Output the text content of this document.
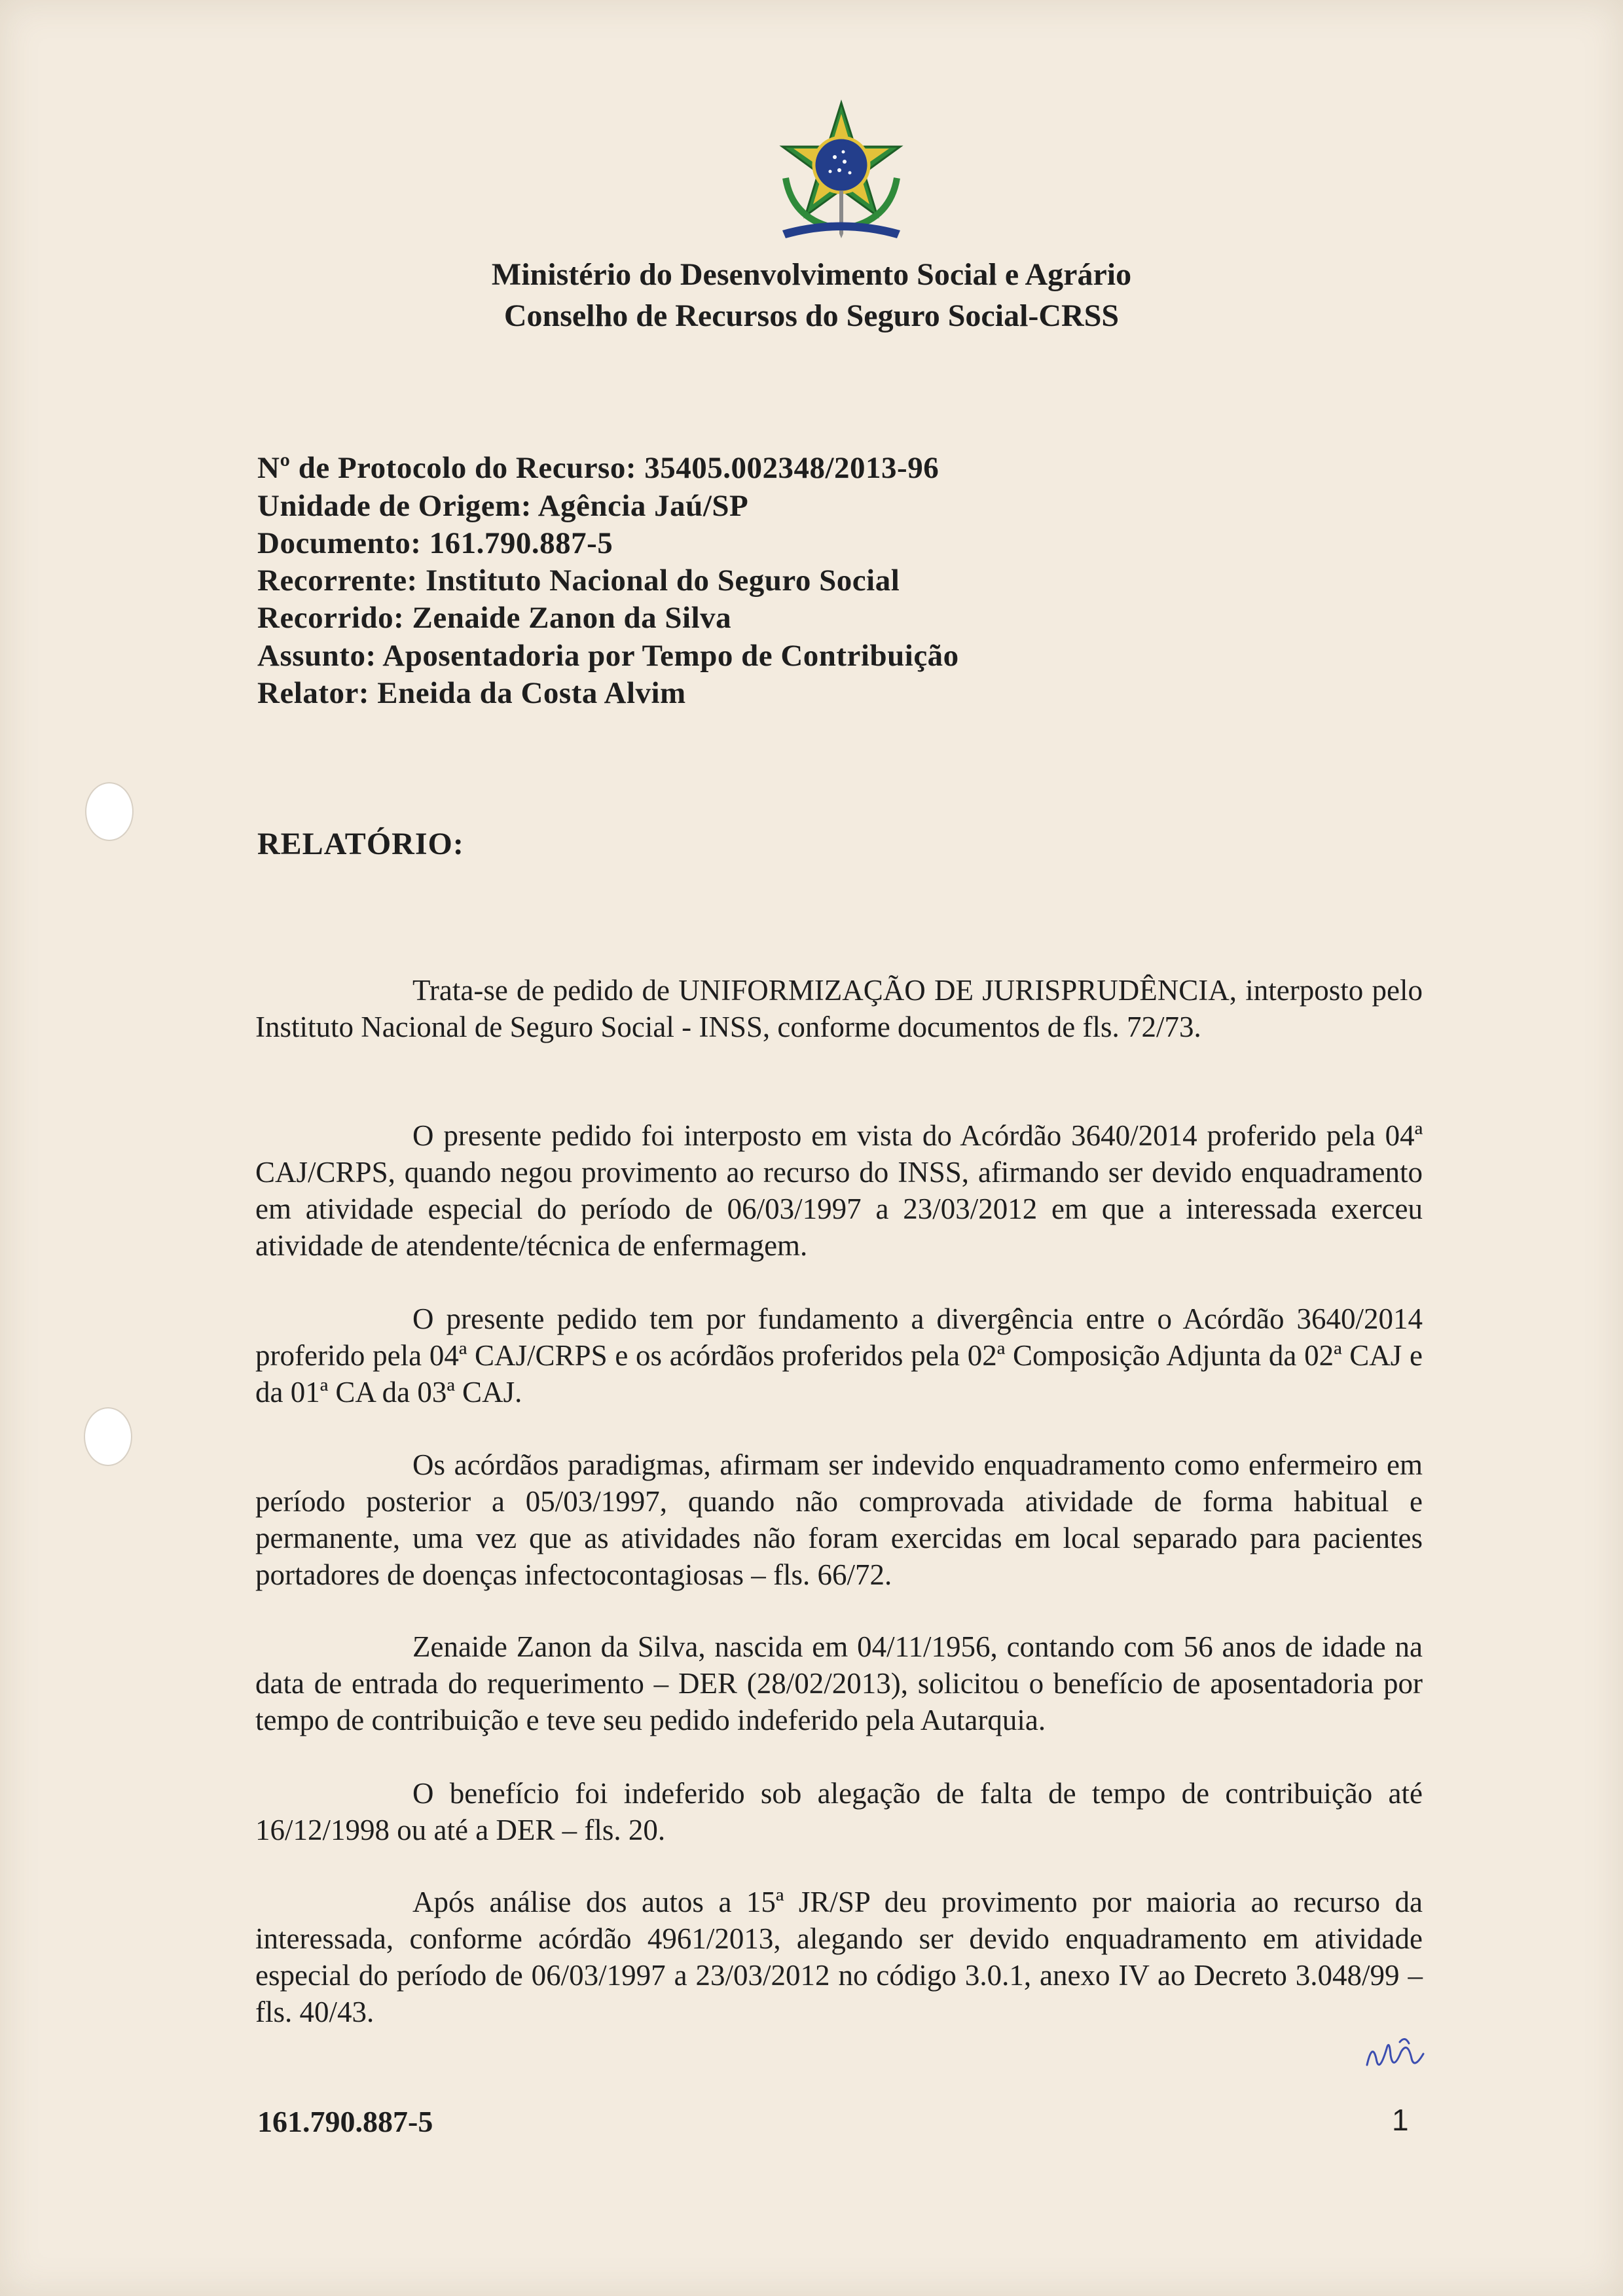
Ministério do Desenvolvimento Social e Agrário
Conselho de Recursos do Seguro Social-CRSS
Nº de Protocolo do Recurso: 35405.002348/2013-96
Unidade de Origem: Agência Jaú/SP
Documento: 161.790.887-5
Recorrente: Instituto Nacional do Seguro Social
Recorrido: Zenaide Zanon da Silva
Assunto: Aposentadoria por Tempo de Contribuição
Relator: Eneida da Costa Alvim
RELATÓRIO:
Trata-se de pedido de UNIFORMIZAÇÃO DE JURISPRUDÊNCIA, interposto pelo Instituto Nacional de Seguro Social - INSS, conforme documentos de fls. 72/73.
O presente pedido foi interposto em vista do Acórdão 3640/2014 proferido pela 04ª CAJ/CRPS, quando negou provimento ao recurso do INSS, afirmando ser devido enquadramento em atividade especial do período de 06/03/1997 a 23/03/2012 em que a interessada exerceu atividade de atendente/técnica de enfermagem.
O presente pedido tem por fundamento a divergência entre o Acórdão 3640/2014 proferido pela 04ª CAJ/CRPS e os acórdãos proferidos pela 02ª Composição Adjunta da 02ª CAJ e da 01ª CA da 03ª CAJ.
Os acórdãos paradigmas, afirmam ser indevido enquadramento como enfermeiro em período posterior a 05/03/1997, quando não comprovada atividade de forma habitual e permanente, uma vez que as atividades não foram exercidas em local separado para pacientes portadores de doenças infectocontagiosas – fls. 66/72.
Zenaide Zanon da Silva, nascida em 04/11/1956, contando com 56 anos de idade na data de entrada do requerimento – DER (28/02/2013), solicitou o benefício de aposentadoria por tempo de contribuição e teve seu pedido indeferido pela Autarquia.
O benefício foi indeferido sob alegação de falta de tempo de contribuição até 16/12/1998 ou até a DER – fls. 20.
Após análise dos autos a 15ª JR/SP deu provimento por maioria ao recurso da interessada, conforme acórdão 4961/2013, alegando ser devido enquadramento em atividade especial do período de 06/03/1997 a 23/03/2012 no código 3.0.1, anexo IV ao Decreto 3.048/99 – fls. 40/43.
161.790.887-5	1
